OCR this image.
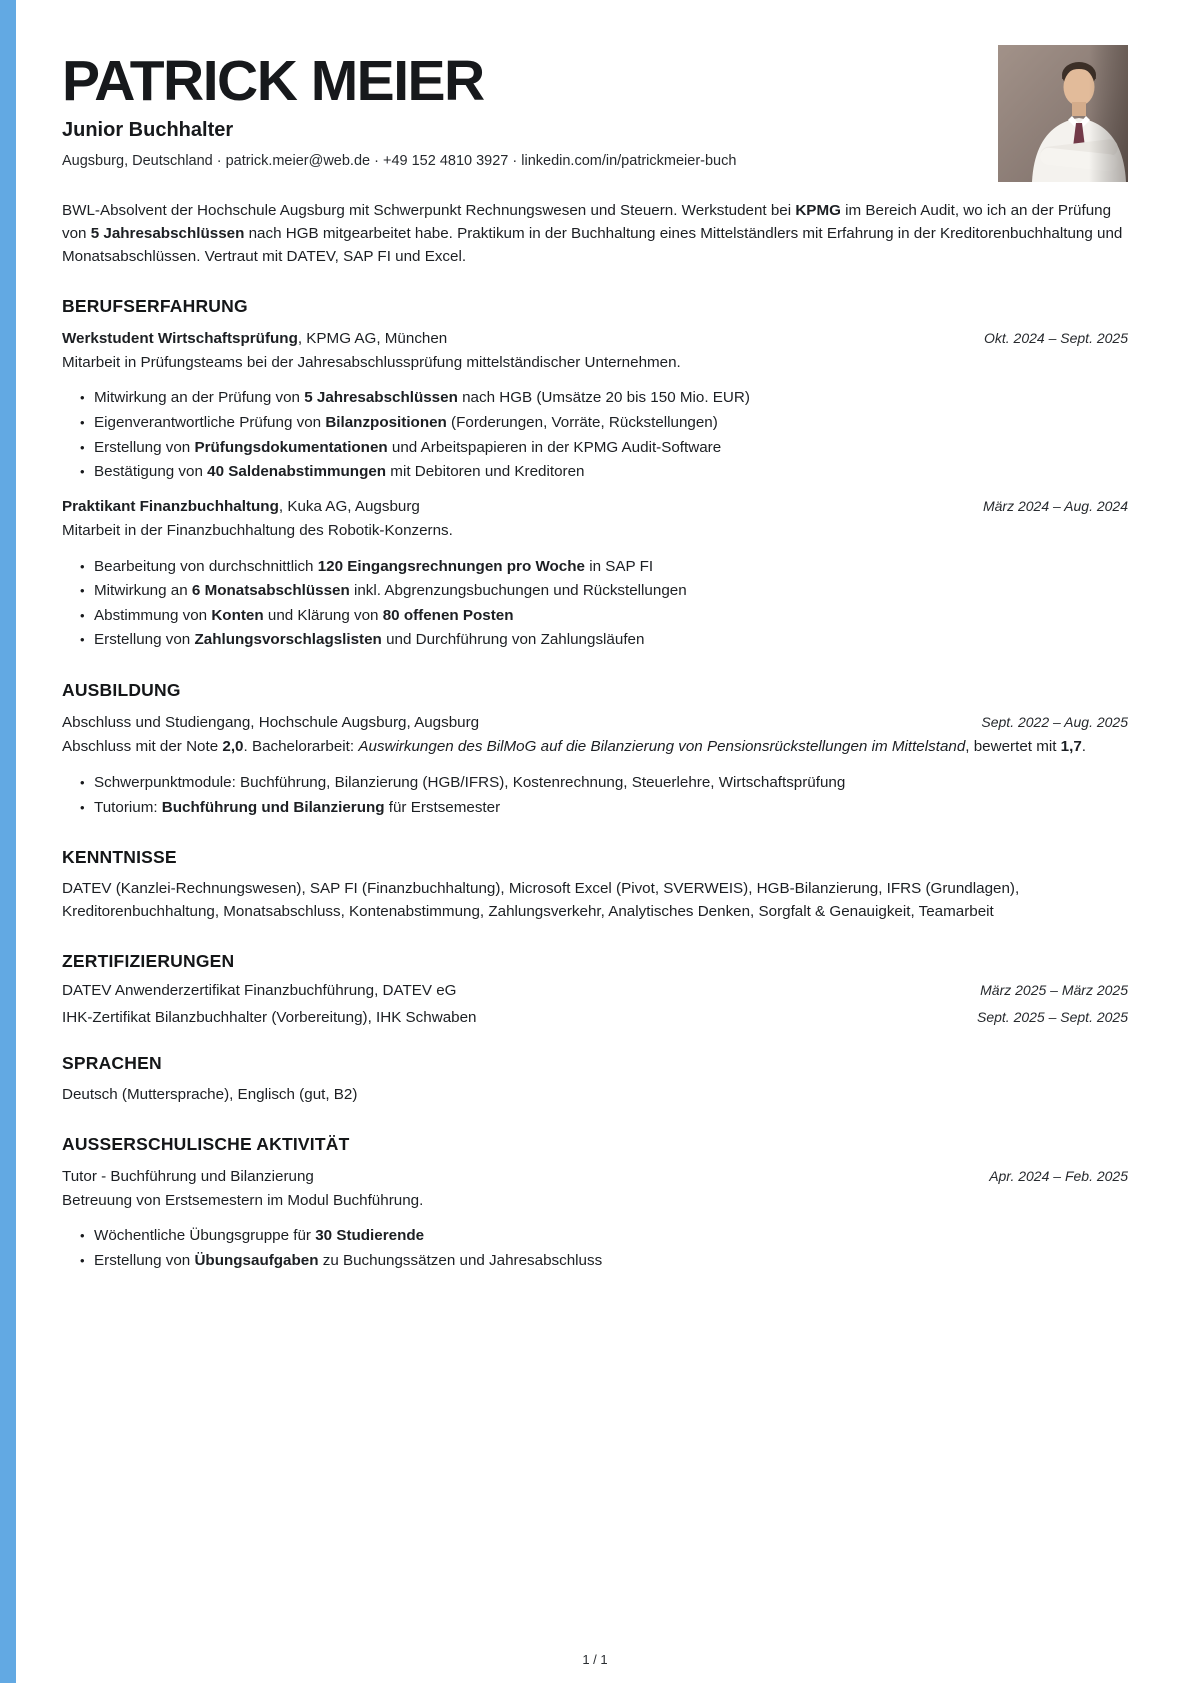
PATRICK MEIER
Junior Buchhalter
Augsburg, Deutschland · patrick.meier@web.de · +49 152 4810 3927 · linkedin.com/in/patrickmeier-buch

BWL-Absolvent der Hochschule Augsburg mit Schwerpunkt Rechnungswesen und Steuern. Werkstudent bei KPMG im Bereich Audit, wo ich an der Prüfung von 5 Jahresabschlüssen nach HGB mitgearbeitet habe. Praktikum in der Buchhaltung eines Mittelständlers mit Erfahrung in der Kreditorenbuchhaltung und Monatsabschlüssen. Vertraut mit DATEV, SAP FI und Excel.

BERUFSERFAHRUNG
Werkstudent Wirtschaftsprüfung, KPMG AG, München	Okt. 2024 – Sept. 2025

Mitarbeit in Prüfungsteams bei der Jahresabschlussprüfung mittelständischer Unternehmen.

• Mitwirkung an der Prüfung von 5 Jahresabschlüssen nach HGB (Umsätze 20 bis 150 Mio. EUR)
• Eigenverantwortliche Prüfung von Bilanzpositionen (Forderungen, Vorräte, Rückstellungen)
• Erstellung von Prüfungsdokumentationen und Arbeitspapieren in der KPMG Audit-Software
• Bestätigung von 40 Saldenabstimmungen mit Debitoren und Kreditoren
Praktikant Finanzbuchhaltung, Kuka AG, Augsburg	März 2024 – Aug. 2024

Mitarbeit in der Finanzbuchhaltung des Robotik-Konzerns.

• Bearbeitung von durchschnittlich 120 Eingangsrechnungen pro Woche in SAP FI
• Mitwirkung an 6 Monatsabschlüssen inkl. Abgrenzungsbuchungen und Rückstellungen
• Abstimmung von Konten und Klärung von 80 offenen Posten
• Erstellung von Zahlungsvorschlagslisten und Durchführung von Zahlungsläufen
AUSBILDUNG
Abschluss und Studiengang, Hochschule Augsburg, Augsburg	Sept. 2022 – Aug. 2025

Abschluss mit der Note 2,0. Bachelorarbeit: Auswirkungen des BilMoG auf die Bilanzierung von Pensionsrückstellungen im Mittelstand, bewertet mit 1,7.

• Schwerpunktmodule: Buchführung, Bilanzierung (HGB/IFRS), Kostenrechnung, Steuerlehre, Wirtschaftsprüfung
• Tutorium: Buchführung und Bilanzierung für Erstsemester
KENNTNISSE

DATEV (Kanzlei-Rechnungswesen), SAP FI (Finanzbuchhaltung), Microsoft Excel (Pivot, SVERWEIS), HGB-Bilanzierung, IFRS (Grundlagen), Kreditorenbuchhaltung, Monatsabschluss, Kontenabstimmung, Zahlungsverkehr, Analytisches Denken, Sorgfalt & Genauigkeit, Teamarbeit

ZERTIFIZIERUNGEN
DATEV Anwenderzertifikat Finanzbuchführung, DATEV eG	März 2025 – März 2025
IHK-Zertifikat Bilanzbuchhalter (Vorbereitung), IHK Schwaben	Sept. 2025 – Sept. 2025
SPRACHEN

Deutsch (Muttersprache), Englisch (gut, B2)

AUSSERSCHULISCHE AKTIVITÄT
Tutor - Buchführung und Bilanzierung	Apr. 2024 – Feb. 2025

Betreuung von Erstsemestern im Modul Buchführung.

• Wöchentliche Übungsgruppe für 30 Studierende
• Erstellung von Übungsaufgaben zu Buchungssätzen und Jahresabschluss
1 / 1
